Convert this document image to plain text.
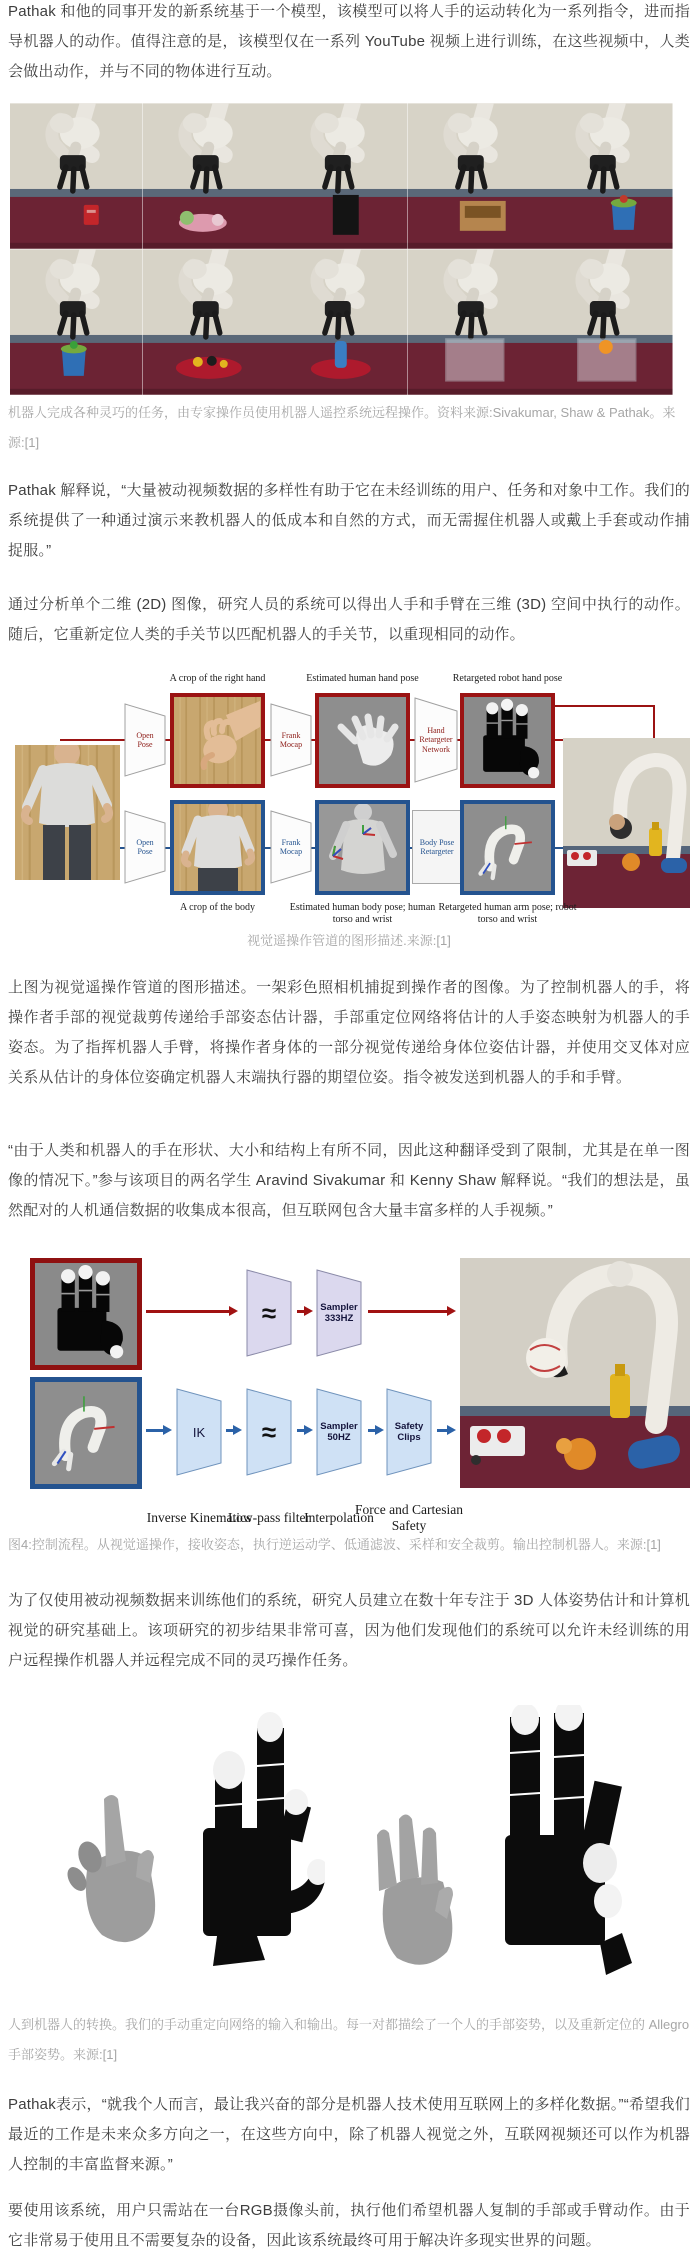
Pathak 和他的同事开发的新系统基于一个模型，该模型可以将人手的运动转化为一系列指令，进而指导机器人的动作。值得注意的是，该模型仅在一系列 YouTube 视频上进行训练，在这些视频中，人类会做出动作，并与不同的物体进行互动。

机器人完成各种灵巧的任务，由专家操作员使用机器人遥控系统远程操作。资料来源:Sivakumar, Shaw & Pathak。来源:[1]

Pathak 解释说，“大量被动视频数据的多样性有助于它在未经训练的用户、任务和对象中工作。我们的系统提供了一种通过演示来教机器人的低成本和自然的方式，而无需握住机器人或戴上手套或动作捕捉服。”

通过分析单个二维 (2D) 图像，研究人员的系统可以得出人手和手臂在三维 (3D) 空间中执行的动作。随后，它重新定位人类的手关节以匹配机器人的手关节，以重现相同的动作。

A crop of the right hand	Estimated human hand pose	Retargeted robot hand pose
Open Pose
Frank Mocap
Hand Retargeter Network
Open Pose
Frank Mocap
Body Pose Retargeter
A crop of the body	Estimated human body pose; human torso and wrist
Retargeted human arm pose; robot torso and wrist
视觉遥操作管道的图形描述.来源:[1]

上图为视觉遥操作管道的图形描述。一架彩色照相机捕捉到操作者的图像。为了控制机器人的手，将操作者手部的视觉裁剪传递给手部姿态估计器，手部重定位网络将估计的人手姿态映射为机器人的手姿态。为了指挥机器人手臂，将操作者身体的一部分视觉传递给身体位姿估计器，并使用交叉体对应关系从估计的身体位姿确定机器人末端执行器的期望位姿。指令被发送到机器人的手和手臂。

“由于人类和机器人的手在形状、大小和结构上有所不同，因此这种翻译受到了限制，尤其是在单一图像的情况下。”参与该项目的两名学生 Aravind Sivakumar 和 Kenny Shaw 解释说。“我们的想法是，虽然配对的人机通信数据的收集成本很高，但互联网包含大量丰富多样的人手视频。”

≈	Sampler 333HZ
IK	≈	Sampler 50HZ
Safety Clips
Inverse Kinematics
Low-pass filter
Interpolation
Force and Cartesian Safety
图4:控制流程。从视觉遥操作，接收姿态，执行逆运动学、低通滤波、采样和安全裁剪。输出控制机器人。来源:[1]

为了仅使用被动视频数据来训练他们的系统，研究人员建立在数十年专注于 3D 人体姿势估计和计算机视觉的研究基础上。该项研究的初步结果非常可喜，因为他们发现他们的系统可以允许未经训练的用户远程操作机器人并远程完成不同的灵巧操作任务。

人到机器人的转换。我们的手动重定向网络的输入和输出。每一对都描绘了一个人的手部姿势，以及重新定位的 Allegro 手部姿势。来源:[1]

Pathak表示，“就我个人而言，最让我兴奋的部分是机器人技术使用互联网上的多样化数据。”“希望我们最近的工作是未来众多方向之一，在这些方向中，除了机器人视觉之外，互联网视频还可以作为机器人控制的丰富监督来源。”

要使用该系统，用户只需站在一台RGB摄像头前，执行他们希望机器人复制的手部或手臂动作。由于它非常易于使用且不需要复杂的设备，因此该系统最终可用于解决许多现实世界的问题。
